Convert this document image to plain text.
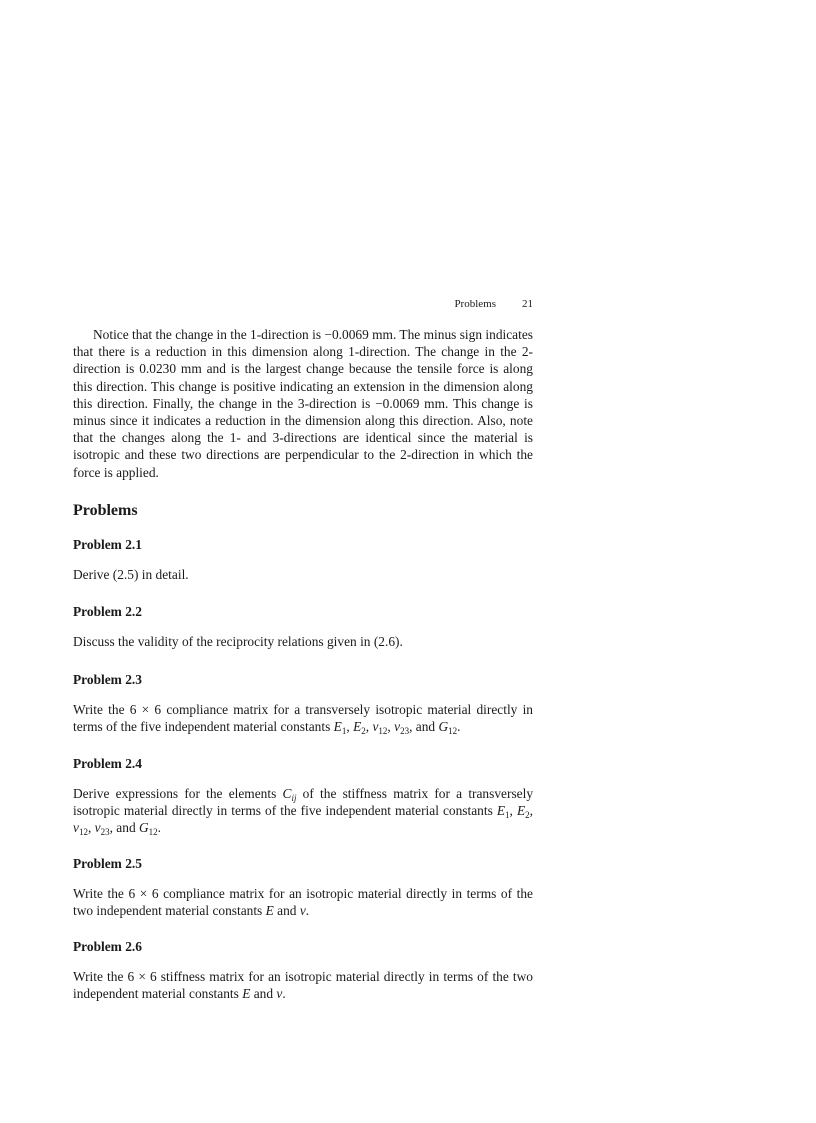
Problems 21

Notice that the change in the 1-direction is −0.0069 mm. The minus sign indicates that there is a reduction in this dimension along 1-direction. The change in the 2-direction is 0.0230 mm and is the largest change because the tensile force is along this direction. This change is positive indicating an extension in the dimension along this direction. Finally, the change in the 3-direction is −0.0069 mm. This change is minus since it indicates a reduction in the dimension along this direction. Also, note that the changes along the 1- and 3-directions are identical since the material is isotropic and these two directions are perpendicular to the 2-direction in which the force is applied.

Problems
Problem 2.1

Derive (2.5) in detail.

Problem 2.2

Discuss the validity of the reciprocity relations given in (2.6).

Problem 2.3

Write the 6 × 6 compliance matrix for a transversely isotropic material directly in terms of the five independent material constants $E_1$, $E_2$, $\nu_{12}$, $\nu_{23}$, and $G_{12}$.

Problem 2.4

Derive expressions for the elements $C_{ij}$ of the stiffness matrix for a transversely isotropic material directly in terms of the five independent material constants $E_1$, $E_2$, $\nu_{12}$, $\nu_{23}$, and $G_{12}$.

Problem 2.5

Write the 6 × 6 compliance matrix for an isotropic material directly in terms of the two independent material constants E and ν.

Problem 2.6

Write the 6 × 6 stiffness matrix for an isotropic material directly in terms of the two independent material constants E and ν.
